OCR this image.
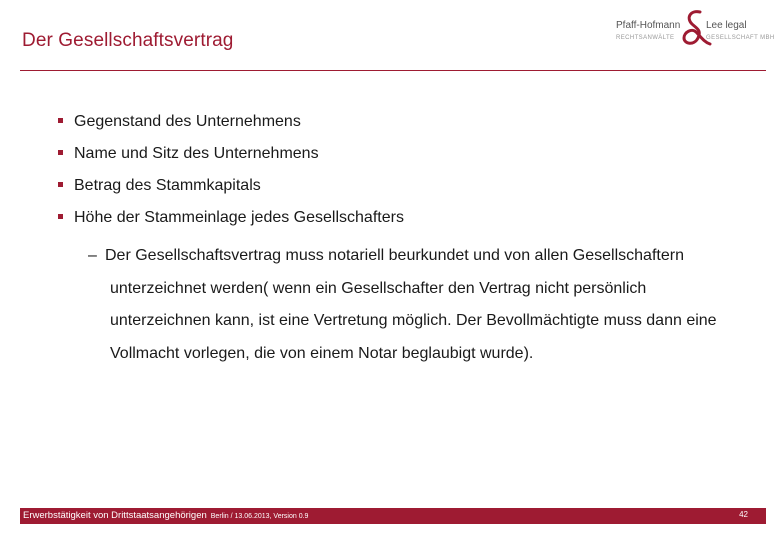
Der Gesellschaftsvertrag
Pfaff-Hofmann
RECHTSANWÄLTE
Lee legal
GESELLSCHAFT MBH
Gegenstand des Unternehmens
Name und Sitz des Unternehmens
Betrag des Stammkapitals
Höhe der Stammeinlage jedes Gesellschafters
– Der Gesellschaftsvertrag muss notariell beurkundet und von allen Gesellschaftern unterzeichnet werden( wenn ein Gesellschafter den Vertrag nicht persönlich unterzeichnen kann, ist eine Vertretung möglich. Der Bevollmächtigte muss dann eine Vollmacht vorlegen, die von einem Notar beglaubigt wurde).
Erwerbstätigkeit von Drittstaatsangehörigen Berlin / 13.06.2013, Version 0.9	42
